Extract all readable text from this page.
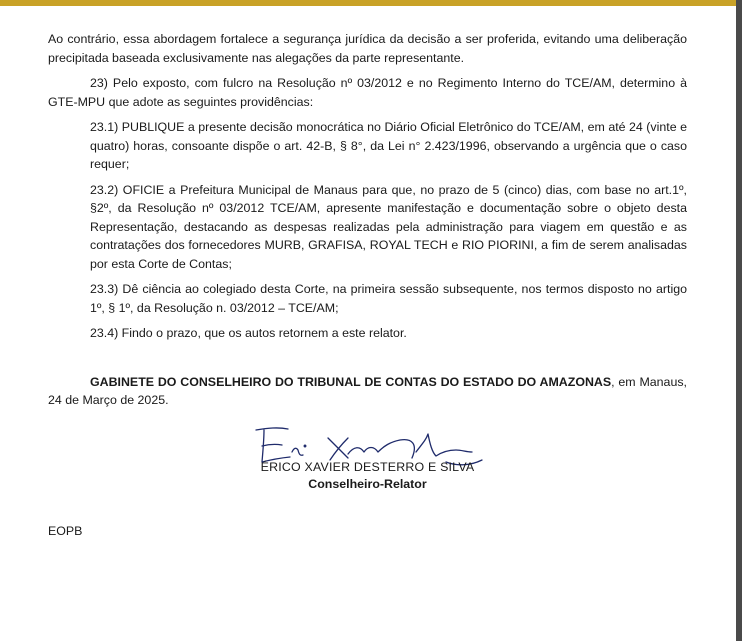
Ao contrário, essa abordagem fortalece a segurança jurídica da decisão a ser proferida, evitando uma deliberação precipitada baseada exclusivamente nas alegações da parte representante.

23) Pelo exposto, com fulcro na Resolução nº 03/2012 e no Regimento Interno do TCE/AM, determino à GTE-MPU que adote as seguintes providências:

23.1) PUBLIQUE a presente decisão monocrática no Diário Oficial Eletrônico do TCE/AM, em até 24 (vinte e quatro) horas, consoante dispõe o art. 42-B, § 8°, da Lei n° 2.423/1996, observando a urgência que o caso requer;

23.2) OFICIE a Prefeitura Municipal de Manaus para que, no prazo de 5 (cinco) dias, com base no art.1º, §2º, da Resolução nº 03/2012 TCE/AM, apresente manifestação e documentação sobre o objeto desta Representação, destacando as despesas realizadas pela administração para viagem em questão e as contratações dos fornecedores MURB, GRAFISA, ROYAL TECH e RIO PIORINI, a fim de serem analisadas por esta Corte de Contas;

23.3) Dê ciência ao colegiado desta Corte, na primeira sessão subsequente, nos termos disposto no artigo 1º, § 1º, da Resolução n. 03/2012 – TCE/AM;

23.4) Findo o prazo, que os autos retornem a este relator.

GABINETE DO CONSELHEIRO DO TRIBUNAL DE CONTAS DO ESTADO DO AMAZONAS, em Manaus, 24 de Março de 2025.

ÉRICO XAVIER DESTERRO E SILVA
Conselheiro-Relator
EOPB
